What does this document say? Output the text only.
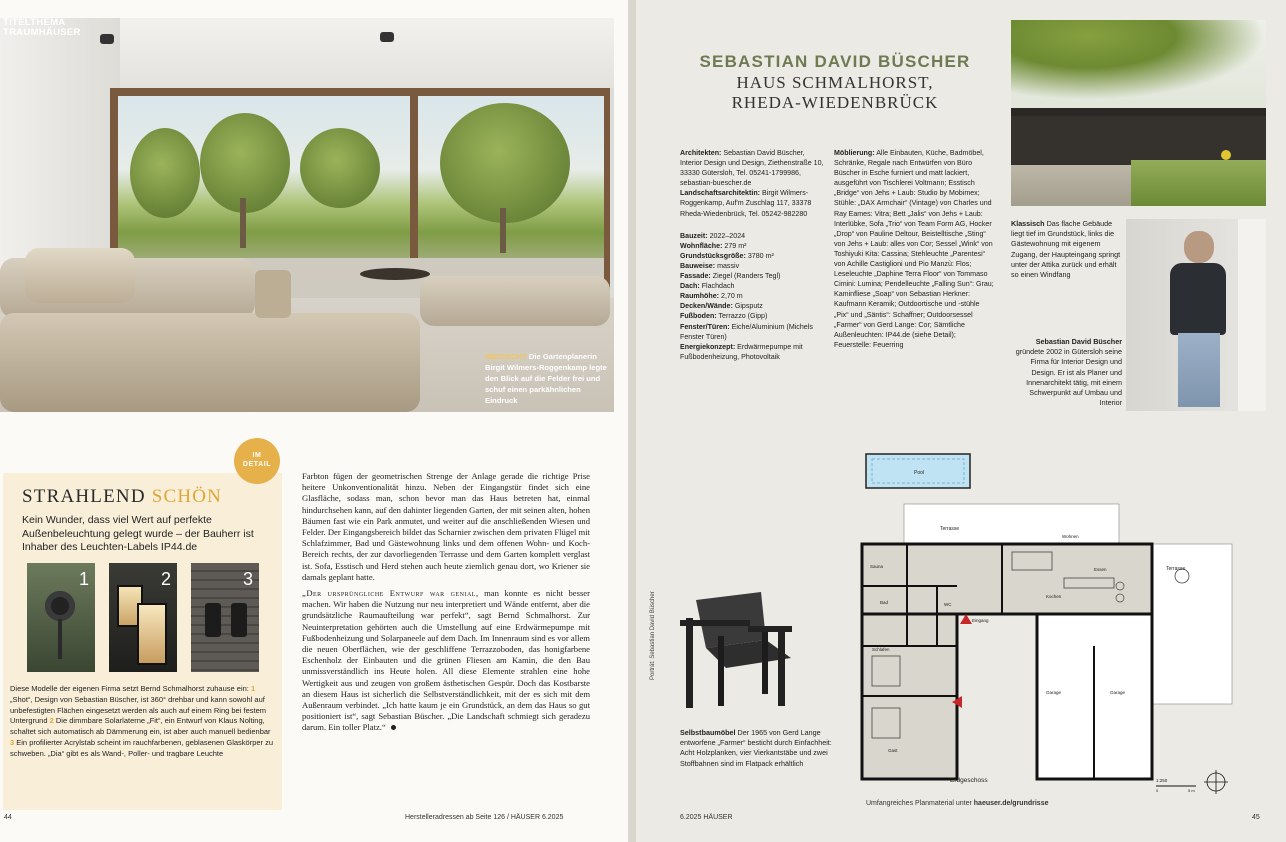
WEITSICHT Die Gartenplanerin Birgit Wilmers-Roggenkamp legte den Blick auf die Felder frei und schuf einen parkähnlichen Eindruck
TITELTHEMA
TRAUMHÄUSER
IM
DETAIL
STRAHLEND SCHÖN
Kein Wunder, dass viel Wert auf perfekte Außenbeleuchtung gelegt wurde – der Bauherr ist Inhaber des Leuchten-Labels IP44.de
1	2	3
Diese Modelle der eigenen Firma setzt Bernd Schmalhorst zuhause ein: 1 „Shot“, Design von Sebastian Büscher, ist 360° drehbar und kann sowohl auf unbefestigten Flächen eingesetzt werden als auch auf einem Ring bei festem Untergrund 2 Die dimmbare Solarlaterne „Fit“, ein Entwurf von Klaus Nolting, schaltet sich automatisch ab Dämmerung ein, ist aber auch manuell bedienbar 3 Ein profilierter Acrylstab scheint im rauchfarbenen, geblasenen Glaskörper zu schweben. „Dia“ gibt es als Wand-, Poller- und tragbare Leuchte

Farbton fügen der geometrischen Strenge der Anlage gerade die richtige Prise heitere Unkonventionalität hinzu. Neben der Eingangstür findet sich eine Glasfläche, sodass man, schon bevor man das Haus betreten hat, einmal hindurchsehen kann, auf den dahinter liegenden Garten, der mit seinen alten, hohen Bäumen fast wie ein Park anmutet, und weiter auf die anschließenden Wiesen und Felder. Der Eingangsbereich bildet das Scharnier zwischen dem privaten Flügel mit Schlafzimmer, Bad und Gästewohnung links und dem offenen Wohn- und Koch-Bereich rechts, der zur davorliegenden Terrasse und dem Garten komplett verglast ist. Sofa, Esstisch und Herd stehen auch heute ziemlich genau dort, wo Kriener sie damals geplant hatte.

„Der ursprüngliche Entwurf war genial, man konnte es nicht besser machen. Wir haben die Nutzung nur neu interpretiert und Wände entfernt, aber die grundsätzliche Raumaufteilung war perfekt“, sagt Bernd Schmalhorst. Zur Neuinterpretation gehörten auch die Umstellung auf eine Erdwärmepumpe mit Fußbodenheizung und Solarpaneele auf dem Dach. Im Innenraum sind es vor allem die neuen Oberflächen, wie der geschliffene Terrazzoboden, das honigfarbene Eschenholz der Einbauten und die grünen Fliesen am Kamin, die den Bau unmissverständlich ins Heute holen. All diese Elemente strahlen eine hohe Wertigkeit aus und zeugen von großem ästhetischen Gespür. Doch das Kostbarste an diesem Haus ist sicherlich die Selbstverständlichkeit, mit der es sich mit dem Außenraum verbindet. „Ich hatte kaum je ein Grundstück, an dem das Haus so gut positioniert ist“, sagt Sebastian Büscher. „Die Landschaft schmiegt sich geradezu darum. Ein toller Platz.“

44	Herstelleradressen ab Seite 126 / HÄUSER 6.2025
SEBASTIAN DAVID BÜSCHER
HAUS SCHMALHORST,
RHEDA-WIEDENBRÜCK
Klassisch Das flache Gebäude liegt tief im Grundstück, links die Gästewohnung mit eigenem Zugang, der Haupteingang springt unter der Attika zurück und erhält so einen Windfang
Sebastian David Büscher gründete 2002 in Gütersloh seine Firma für Interior Design und Design. Er ist als Planer und Innenarchitekt tätig, mit einem Schwerpunkt auf Umbau und Interior
Architekten: Sebastian David Büscher, Interior Design und Design, Ziethenstraße 10, 33330 Gütersloh, Tel. 05241-1799986, sebastian-buescher.de
Landschaftsarchitektin: Birgit Wilmers-Roggenkamp, Auf'm Zuschlag 117, 33378 Rheda-Wiedenbrück, Tel. 05242-982280
Bauzeit: 2022–2024
Wohnfläche: 279 m²
Grundstücksgröße: 3780 m²
Bauweise: massiv
Fassade: Ziegel (Randers Tegl)
Dach: Flachdach
Raumhöhe: 2,70 m
Decken/Wände: Gipsputz
Fußboden: Terrazzo (Gipp)
Fenster/Türen: Eiche/Aluminium (Michels Fenster Türen)
Energiekonzept: Erdwärmepumpe mit Fußbodenheizung, Photovoltaik
Möblierung: Alle Einbauten, Küche, Badmöbel, Schränke, Regale nach Entwürfen von Büro Büscher in Esche furniert und matt lackiert, ausgeführt von Tischlerei Voltmann; Esstisch „Bridge“ von Jehs + Laub: Studio by Mobimex; Stühle: „DAX Armchair“ (Vintage) von Charles und Ray Eames: Vitra; Bett „Jalis“ von Jehs + Laub: Interlübke, Sofa „Trio“ von Team Form AG, Hocker „Drop“ von Pauline Deltour, Beistelltische „Sting“ von Jehs + Laub: alles von Cor; Sessel „Wink“ von Toshiyuki Kita: Cassina; Stehleuchte „Parentesi“ von Achille Castiglioni und Pio Manzù: Flos; Leseleuchte „Daphine Terra Floor“ von Tommaso Cimini: Lumina; Pendelleuchte „Falling Sun“: Grau; Kaminfliese „Soap“ von Sebastian Herkner: Kaufmann Keramik; Outdoortische und -stühle „Pix“ und „Säntis“: Schaffner; Outdoorsessel „Farmer“ von Gerd Lange: Cor; Sämtliche Außenleuchten: IP44.de (siehe Detail); Feuerstelle: Feuerring
Porträt: Sebastian David Büscher
Selbstbaumöbel Der 1965 von Gerd Lange entworfene „Farmer“ besticht durch Einfachheit: Acht Holzplanken, vier Vierkantstäbe und zwei Stoffbahnen sind im Flatpack erhältlich
Pool
Terrasse
Terrasse
Sauna
Bad	WC
Eingang
Schlafen
Gast
Wohnen
Essen
Kochen
Garage	Garage
Erdgeschoss	1:250
0	5 m
Umfangreiches Planmaterial unter haeuser.de/grundrisse
6.2025 HÄUSER	45
